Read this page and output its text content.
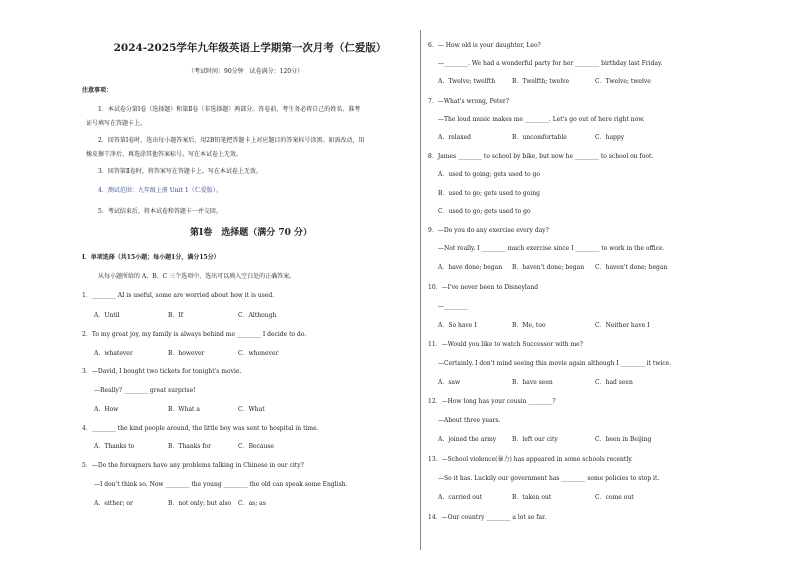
2024-2025学年九年级英语上学期第一次月考（仁爱版）
（考试时间：90分钟　试卷满分：120分）
注意事项：
1．本试卷分第Ⅰ卷（选择题）和第Ⅱ卷（非选择题）两部分。答卷前，考生务必将自己的姓名、准考
证号填写在答题卡上。
2．回答第Ⅰ卷时，选出每小题答案后，用2B铅笔把答题卡上对应题目的答案标号涂黑。如需改动，用
橡皮擦干净后，再选涂其他答案标号。写在本试卷上无效。
3．回答第Ⅱ卷时，将答案写在答题卡上。写在本试卷上无效。
4．测试范围：九年级上册 Unit 1（仁爱版）。
5．考试结束后，将本试卷和答题卡一并交回。
第Ⅰ卷　选择题（满分 70 分）
I．单项选择（共15小题；每小题1分，满分15分）
从每小题所给的 A、B、C 三个选项中，选出可以填入空白处的正确答案。
1．________ AI is useful, some are worried about how it is used.
A．Until	B．If	C．Although
2．To my great joy, my family is always behind me ________ I decide to do.
A．whatever	B．however	C．whenever
3．—David, I bought two tickets for tonight's movie.
—Really? ________ great surprise!
A．How	B．What a	C．What
4．________ the kind people around, the little boy was sent to hospital in time.
A．Thanks to	B．Thanks for	C．Because
5．—Do the foreigners have any problems talking in Chinese in our city?
—I don't think so. Now ________ the young ________ the old can speak some English.
A．either; or	B．not only; but also C．as; as
6．— How old is your daughter, Leo?
—________. We had a wonderful party for her ________ birthday last Friday.
A．Twelve; twelfth	B．Twelfth; twelve	C．Twelve; twelve
7．—What's wrong, Peter?
—The loud music makes me ________. Let's go out of here right now.
A．relaxed	B．uncomfortable	C．happy
8．James ________ to school by bike, but now he ________ to school on foot.
A．used to going; gets used to go
B．used to go; gets used to going
C．used to go; gets used to go
9．—Do you do any exercise every day?
—Not really. I ________ much exercise since I ________ to work in the office.
A．have done; began B．haven't done; began C．haven't done; began
10．—I've never been to Disneyland
—________
A．So have I	B．Me, too	C．Neither have I
11．—Would you like to watch Successor with me?
—Certainly. I don't mind seeing this movie again although I ________ it twice.
A．saw	B．have seen	C．had seen
12．—How long has your cousin ________?
—About three years.
A．joined the army	B．left our city	C．been in Beijing
13．—School violence(暴力) has appeared in some schools recently.
—So it has. Luckily our government has ________ some policies to stop it.
A．carried out	B．taken out	C．come out
14．—Our country ________ a lot so far.
